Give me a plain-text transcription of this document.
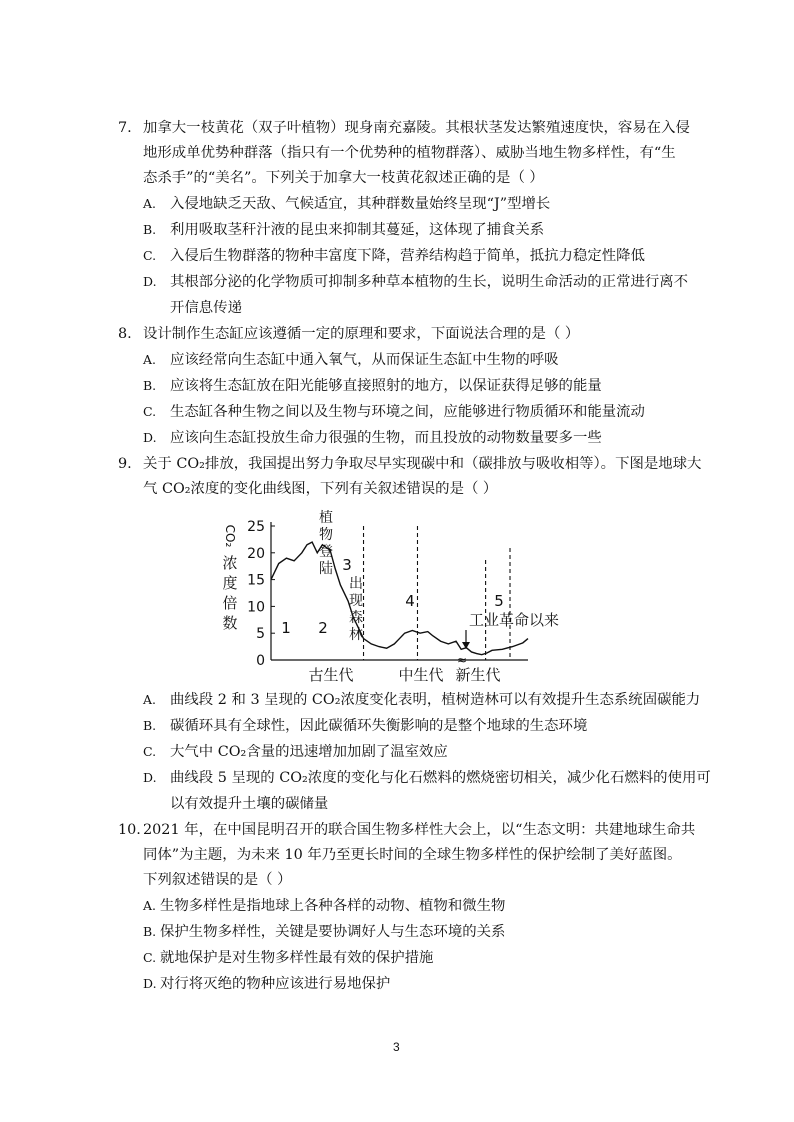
7. 加拿大一枝黄花（双子叶植物）现身南充嘉陵。其根状茎发达繁殖速度快，容易在入侵
地形成单优势种群落（指只有一个优势种的植物群落）、威胁当地生物多样性，有“生
态杀手”的“美名”。下列关于加拿大一枝黄花叙述正确的是（ ）
A. 入侵地缺乏天敌、气候适宜，其种群数量始终呈现“J”型增长
B. 利用吸取茎秆汁液的昆虫来抑制其蔓延，这体现了捕食关系
C. 入侵后生物群落的物种丰富度下降，营养结构趋于简单，抵抗力稳定性降低
D. 其根部分泌的化学物质可抑制多种草本植物的生长，说明生命活动的正常进行离不
开信息传递
8. 设计制作生态缸应该遵循一定的原理和要求，下面说法合理的是（ ）
A. 应该经常向生态缸中通入氧气，从而保证生态缸中生物的呼吸
B. 应该将生态缸放在阳光能够直接照射的地方，以保证获得足够的能量
C. 生态缸各种生物之间以及生物与环境之间，应能够进行物质循环和能量流动
D. 应该向生态缸投放生命力很强的生物，而且投放的动物数量要多一些
9. 关于 CO₂排放，我国提出努力争取尽早实现碳中和（碳排放与吸收相等）。下图是地球大
气 CO₂浓度的变化曲线图，下列有关叙述错误的是（ ）
0
5
10
15
20
25
CO₂
浓
度
倍
数	1 2
3
4	5
植
物
登
陆
出
现
森
林
工业革命以来
≈
古生代	中生代 新生代
A. 曲线段 2 和 3 呈现的 CO₂浓度变化表明，植树造林可以有效提升生态系统固碳能力
B. 碳循环具有全球性，因此碳循环失衡影响的是整个地球的生态环境
C. 大气中 CO₂含量的迅速增加加剧了温室效应
D. 曲线段 5 呈现的 CO₂浓度的变化与化石燃料的燃烧密切相关，减少化石燃料的使用可
以有效提升土壤的碳储量
10. 2021 年，在中国昆明召开的联合国生物多样性大会上，以“生态文明：共建地球生命共
同体”为主题，为未来 10 年乃至更长时间的全球生物多样性的保护绘制了美好蓝图。
下列叙述错误的是（ ）
A. 生物多样性是指地球上各种各样的动物、植物和微生物
B. 保护生物多样性，关键是要协调好人与生态环境的关系
C. 就地保护是对生物多样性最有效的保护措施
D. 对行将灭绝的物种应该进行易地保护
3
